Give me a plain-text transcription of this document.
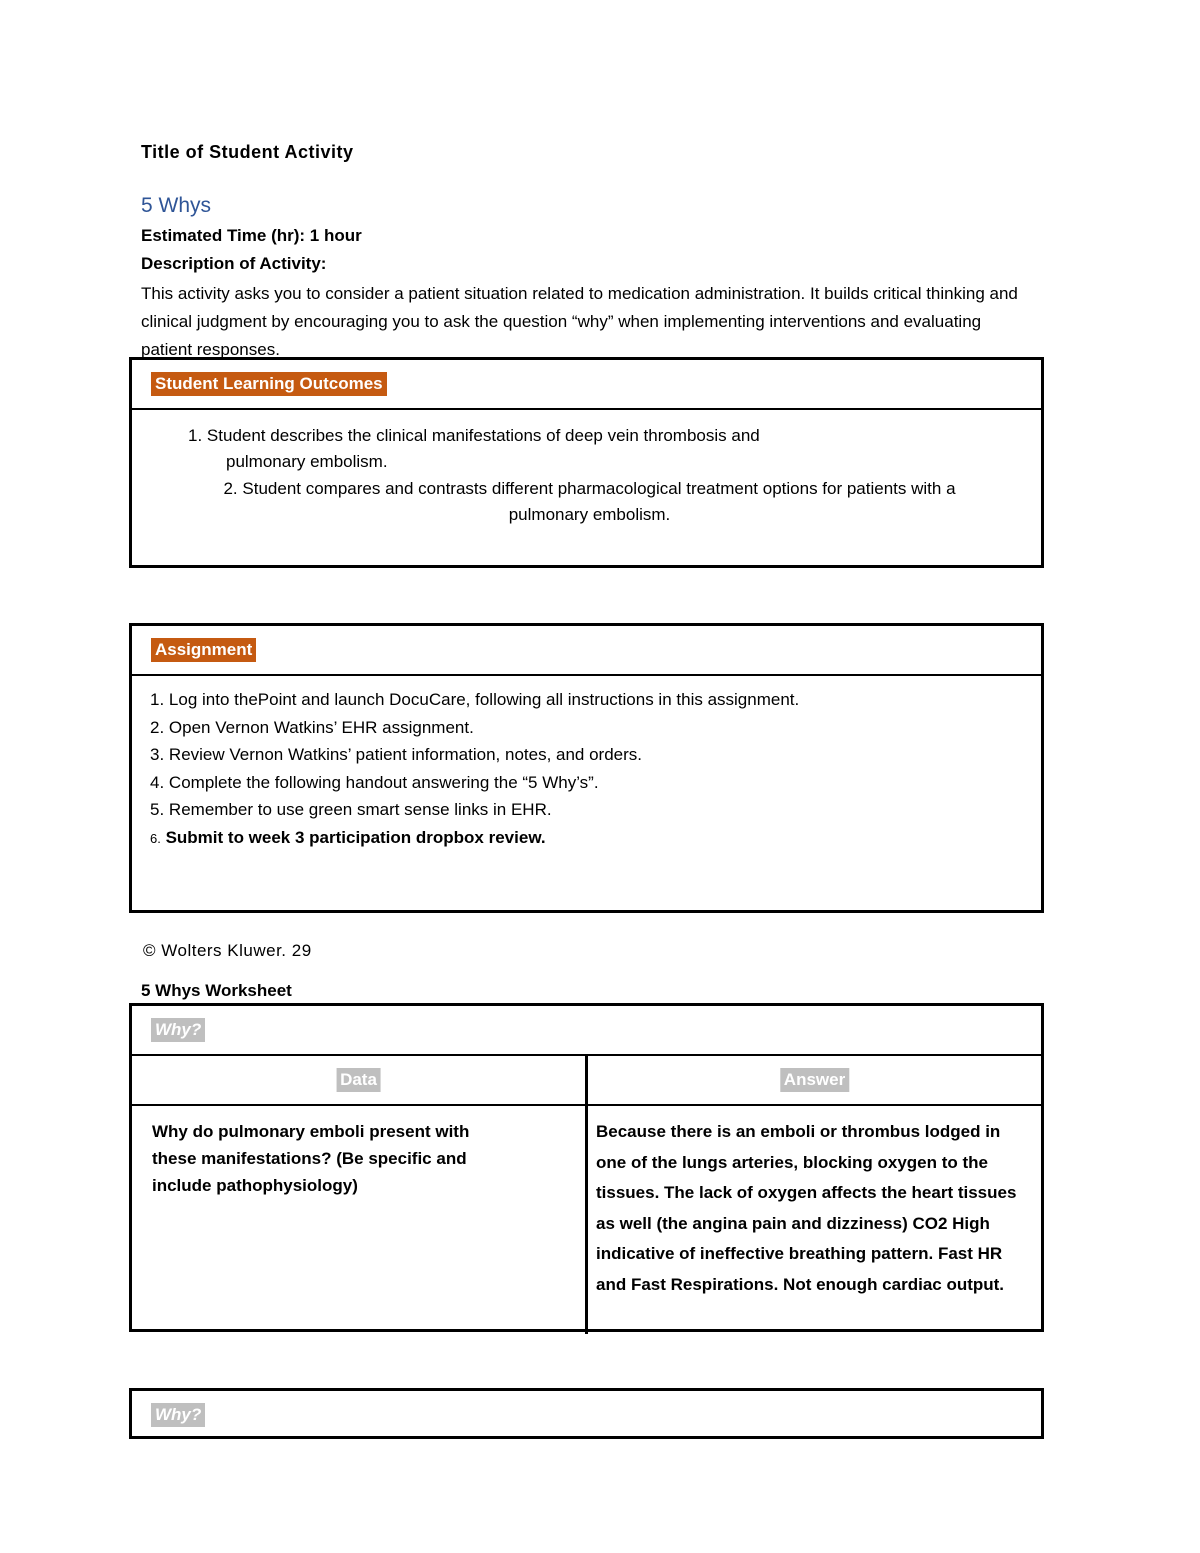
Title of Student Activity
5 Whys
Estimated Time (hr): 1 hour
Description of Activity:
This activity asks you to consider a patient situation related to medication administration. It builds critical thinking and clinical judgment by encouraging you to ask the question “why” when implementing interventions and evaluating patient responses.
Student Learning Outcomes
1. Student describes the clinical manifestations of deep vein thrombosis and
pulmonary embolism.
2. Student compares and contrasts different pharmacological treatment options for patients with a
pulmonary embolism.
Assignment
1. Log into thePoint and launch DocuCare, following all instructions in this assignment.
2. Open Vernon Watkins’ EHR assignment.
3. Review Vernon Watkins’ patient information, notes, and orders.
4. Complete the following handout answering the “5 Why’s”.
5. Remember to use green smart sense links in EHR.
6. Submit to week 3 participation dropbox review.
© Wolters Kluwer. 29
5 Whys Worksheet
Why?
Data	Answer
Why do pulmonary emboli present with these manifestations? (Be specific and include pathophysiology)
Because there is an emboli or thrombus lodged in one of the lungs arteries, blocking oxygen to the tissues. The lack of oxygen affects the heart tissues as well (the angina pain and dizziness) CO2 High indicative of ineffective breathing pattern. Fast HR and Fast Respirations. Not enough cardiac output.
Why?
